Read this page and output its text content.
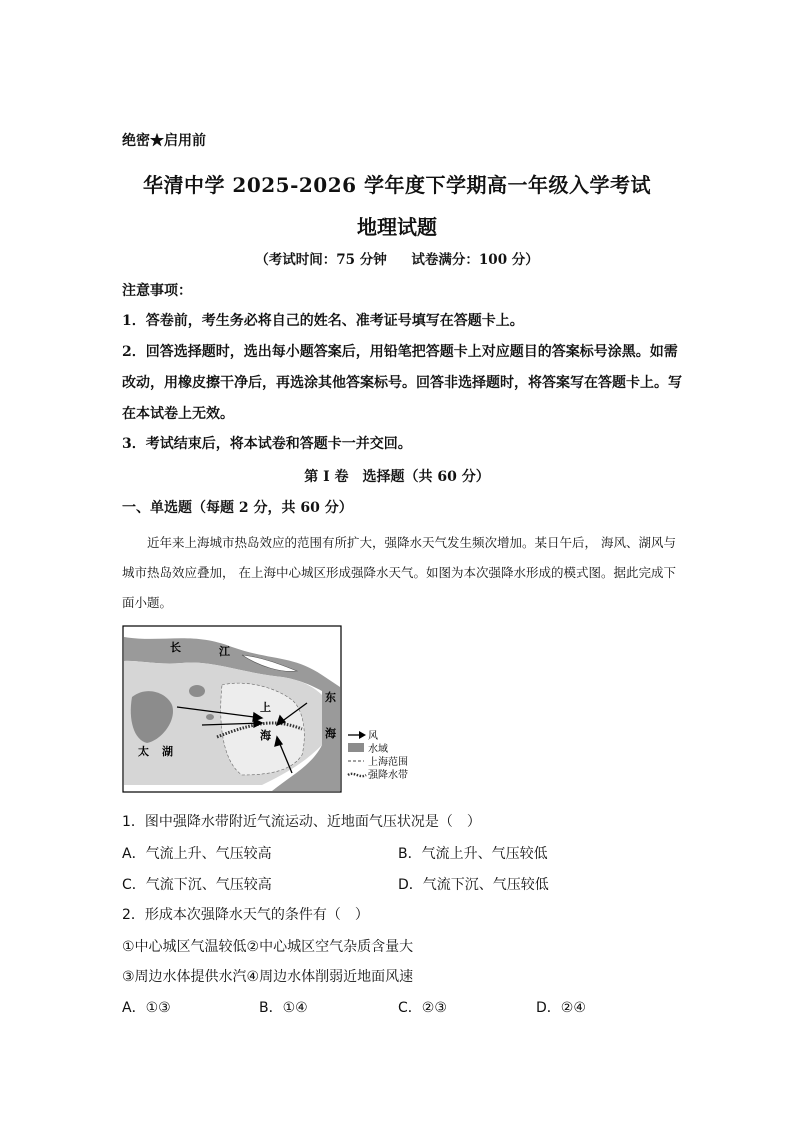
绝密★启用前
华清中学 2025-2026 学年度下学期高一年级入学考试
地理试题
（考试时间：75 分钟 试卷满分：100 分）
注意事项：
1．答卷前，考生务必将自己的姓名、准考证号填写在答题卡上。
2．回答选择题时，选出每小题答案后，用铅笔把答题卡上对应题目的答案标号涂黑。如需改动，用橡皮擦干净后，再选涂其他答案标号。回答非选择题时，将答案写在答题卡上。写在本试卷上无效。
3．考试结束后，将本试卷和答题卡一并交回。
第 I 卷　选择题（共 60 分）
一、单选题（每题 2 分，共 60 分）
近年来上海城市热岛效应的范围有所扩大，强降水天气发生频次增加。某日午后， 海风、湖风与城市热岛效应叠加， 在上海中心城区形成强降水天气。如图为本次强降水形成的模式图。据此完成下面小题。
长	江
东
海
上
海
太 湖
风
水域
上海范围
强降水带
1．图中强降水带附近气流运动、近地面气压状况是（　）
A．气流上升、气压较高	B．气流上升、气压较低
C．气流下沉、气压较高	D．气流下沉、气压较低
2．形成本次强降水天气的条件有（　）
①中心城区气温较低②中心城区空气杂质含量大
③周边水体提供水汽④周边水体削弱近地面风速
A．①③	B．①④	C．②③	D．②④
